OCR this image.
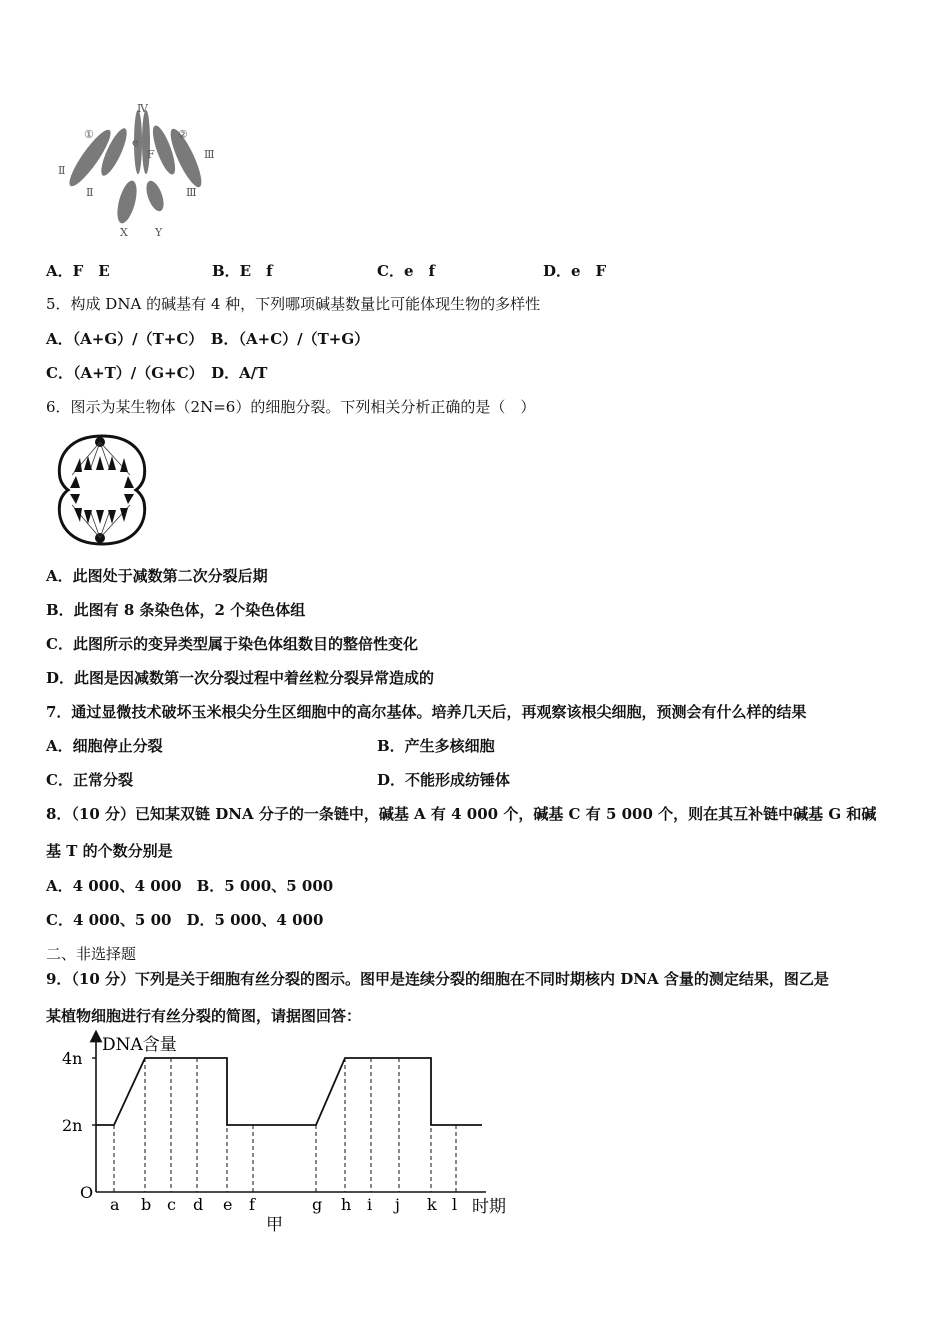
Ⅳ
①	②
Ⅱ
Ⅱ
Ⅲ
Ⅲ
e
F
X Y
A．F　E	B．E　f	C．e　f	D．e　F
5．构成 DNA 的碱基有 4 种，下列哪项碱基数量比可能体现生物的多样性
A．（A+G）/（T+C）　B．（A+C）/（T+G）
C．（A+T）/（G+C）　D．A/T
6．图示为某生物体（2N=6）的细胞分裂。下列相关分析正确的是（　）
A．此图处于减数第二次分裂后期
B．此图有 8 条染色体，2 个染色体组
C．此图所示的变异类型属于染色体组数目的整倍性变化
D．此图是因减数第一次分裂过程中着丝粒分裂异常造成的
7．通过显微技术破坏玉米根尖分生区细胞中的高尔基体。培养几天后，再观察该根尖细胞，预测会有什么样的结果
A．细胞停止分裂	B．产生多核细胞
C．正常分裂	D．不能形成纺锤体
8．（10 分）已知某双链 DNA 分子的一条链中，碱基 A 有 4 000 个，碱基 C 有 5 000 个，则在其互补链中碱基 G 和碱
基 T 的个数分别是
A．4 000、4 000　B．5 000、5 000
C．4 000、5 00　D．5 000、4 000
二、非选择题
9．（10 分）下列是关于细胞有丝分裂的图示。图甲是连续分裂的细胞在不同时期核内 DNA 含量的测定结果，图乙是
某植物细胞进行有丝分裂的简图，请据图回答：
DNA含量
O
时期
甲
2n
4n
a b c d e f	g h i j k l
